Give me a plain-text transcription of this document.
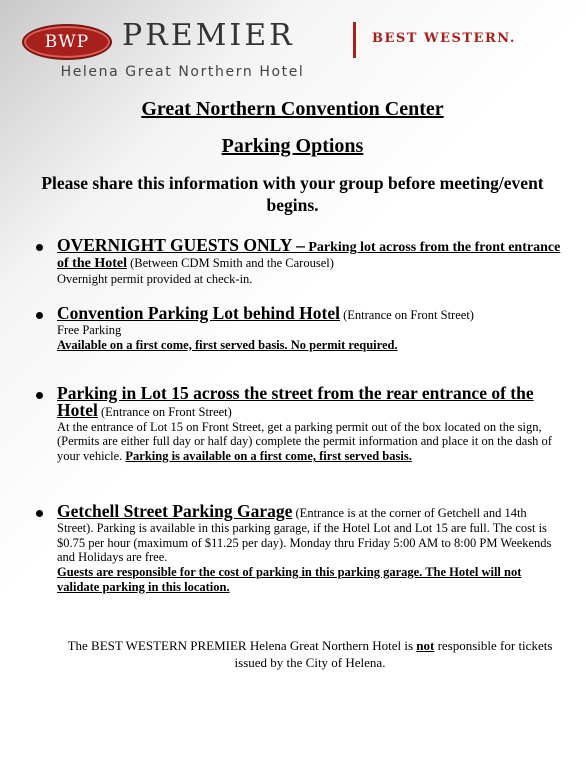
BWP	PREMIER	BEST WESTERN.
Helena Great Northern Hotel
Great Northern Convention Center
Parking Options
Please share this information with your group before meeting/event begins.
OVERNIGHT GUESTS ONLY – Parking lot across from the front entrance of the Hotel (Between CDM Smith and the Carousel)
Overnight permit provided at check-in.
Convention Parking Lot behind Hotel (Entrance on Front Street)
Free Parking
Available on a first come, first served basis. No permit required.
Parking in Lot 15 across the street from the rear entrance of the Hotel (Entrance on Front Street)
At the entrance of Lot 15 on Front Street, get a parking permit out of the box located on the sign, (Permits are either full day or half day) complete the permit information and place it on the dash of your vehicle. Parking is available on a first come, first served basis.
Getchell Street Parking Garage (Entrance is at the corner of Getchell and 14th Street). Parking is available in this parking garage, if the Hotel Lot and Lot 15 are full. The cost is $0.75 per hour (maximum of $11.25 per day). Monday thru Friday 5:00 AM to 8:00 PM Weekends and Holidays are free.
Guests are responsible for the cost of parking in this parking garage. The Hotel will not validate parking in this location.
The BEST WESTERN PREMIER Helena Great Northern Hotel is not responsible for tickets issued by the City of Helena.
